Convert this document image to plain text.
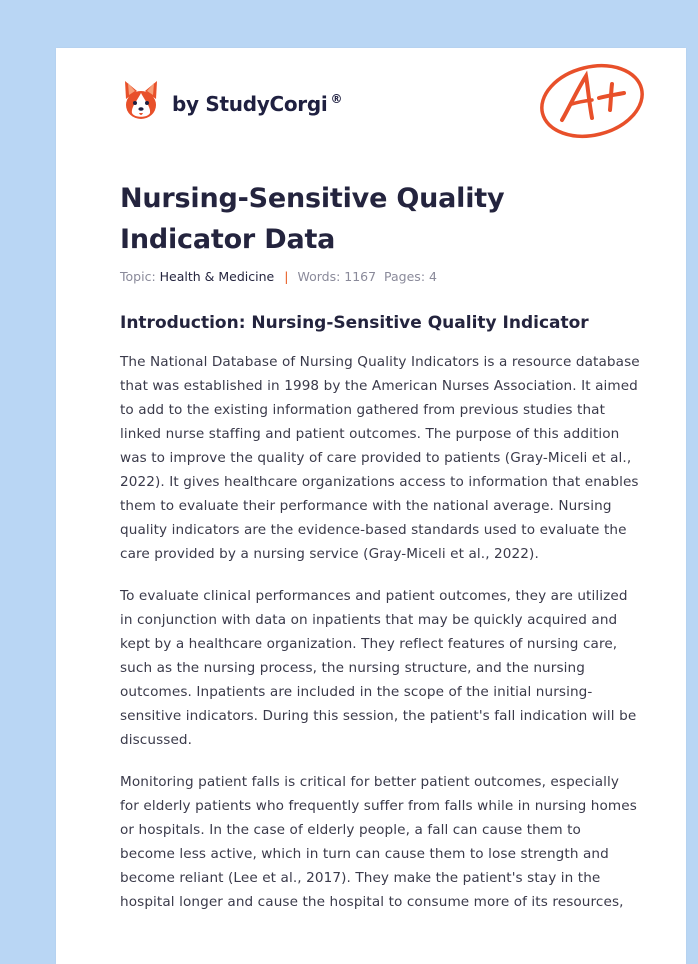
by StudyCorgi ®
Nursing-Sensitive Quality Indicator Data
Topic: Health & Medicine | Words: 1167 Pages: 4
Introduction: Nursing-Sensitive Quality Indicator

The National Database of Nursing Quality Indicators is a resource database that was established in 1998 by the American Nurses Association. It aimed to add to the existing information gathered from previous studies that linked nurse staffing and patient outcomes. The purpose of this addition was to improve the quality of care provided to patients (Gray-Miceli et al., 2022). It gives healthcare organizations access to information that enables them to evaluate their performance with the national average. Nursing quality indicators are the evidence-based standards used to evaluate the care provided by a nursing service (Gray-Miceli et al., 2022).

To evaluate clinical performances and patient outcomes, they are utilized in conjunction with data on inpatients that may be quickly acquired and kept by a healthcare organization. They reflect features of nursing care, such as the nursing process, the nursing structure, and the nursing outcomes. Inpatients are included in the scope of the initial nursing-sensitive indicators. During this session, the patient's fall indication will be discussed.

Monitoring patient falls is critical for better patient outcomes, especially for elderly patients who frequently suffer from falls while in nursing homes or hospitals. In the case of elderly people, a fall can cause them to become less active, which in turn can cause them to lose strength and become reliant (Lee et al., 2017). They make the patient's stay in the hospital longer and cause the hospital to consume more of its resources,
